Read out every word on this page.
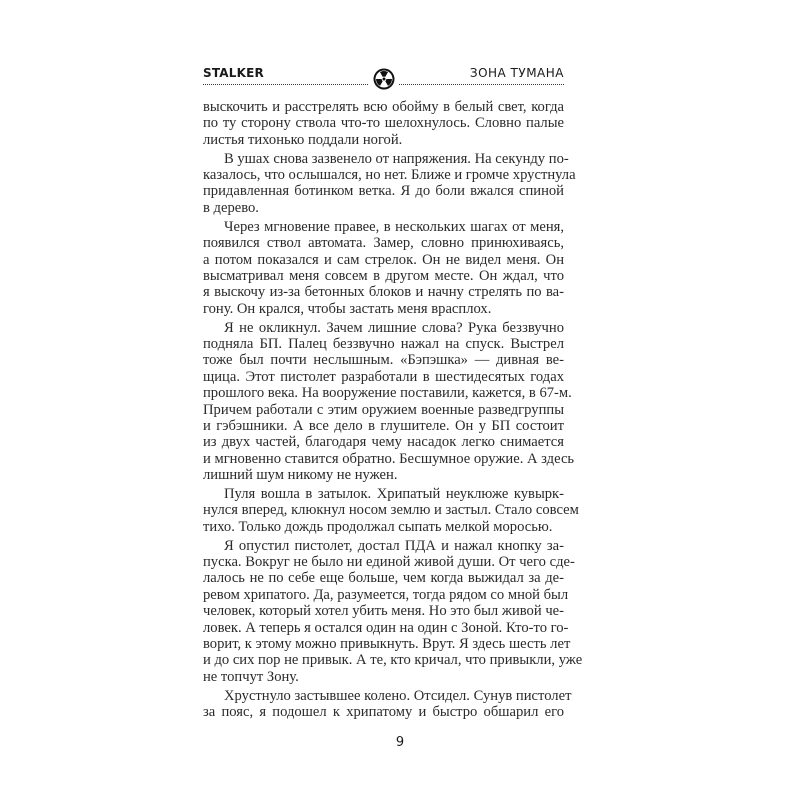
STALKER	ЗОНА ТУМАНА
выскочить и расстрелять всю обойму в белый свет, когда
по ту сторону ствола что-то шелохнулось. Словно палые
листья тихонько поддали ногой.
В ушах снова зазвенело от напряжения. На секунду по-
казалось, что ослышался, но нет. Ближе и громче хрустнула
придавленная ботинком ветка. Я до боли вжался спиной
в дерево.
Через мгновение правее, в нескольких шагах от меня,
появился ствол автомата. Замер, словно принюхиваясь,
а потом показался и сам стрелок. Он не видел меня. Он
высматривал меня совсем в другом месте. Он ждал, что
я выскочу из-за бетонных блоков и начну стрелять по ва-
гону. Он крался, чтобы застать меня врасплох.
Я не окликнул. Зачем лишние слова? Рука беззвучно
подняла БП. Палец беззвучно нажал на спуск. Выстрел
тоже был почти неслышным. «Бэпэшка» — дивная ве-
щица. Этот пистолет разработали в шестидесятых годах
прошлого века. На вооружение поставили, кажется, в 67-м.
Причем работали с этим оружием военные разведгруппы
и гэбэшники. А все дело в глушителе. Он у БП состоит
из двух частей, благодаря чему насадок легко снимается
и мгновенно ставится обратно. Бесшумное оружие. А здесь
лишний шум никому не нужен.
Пуля вошла в затылок. Хрипатый неуклюже кувырк-
нулся вперед, клюкнул носом землю и застыл. Стало совсем
тихо. Только дождь продолжал сыпать мелкой моросью.
Я опустил пистолет, достал ПДА и нажал кнопку за-
пуска. Вокруг не было ни единой живой души. От чего сде-
лалось не по себе еще больше, чем когда выжидал за де-
ревом хрипатого. Да, разумеется, тогда рядом со мной был
человек, который хотел убить меня. Но это был живой че-
ловек. А теперь я остался один на один с Зоной. Кто-то го-
ворит, к этому можно привыкнуть. Врут. Я здесь шесть лет
и до сих пор не привык. А те, кто кричал, что привыкли, уже
не топчут Зону.
Хрустнуло застывшее колено. Отсидел. Сунув пистолет
за пояс, я подошел к хрипатому и быстро обшарил его
9
